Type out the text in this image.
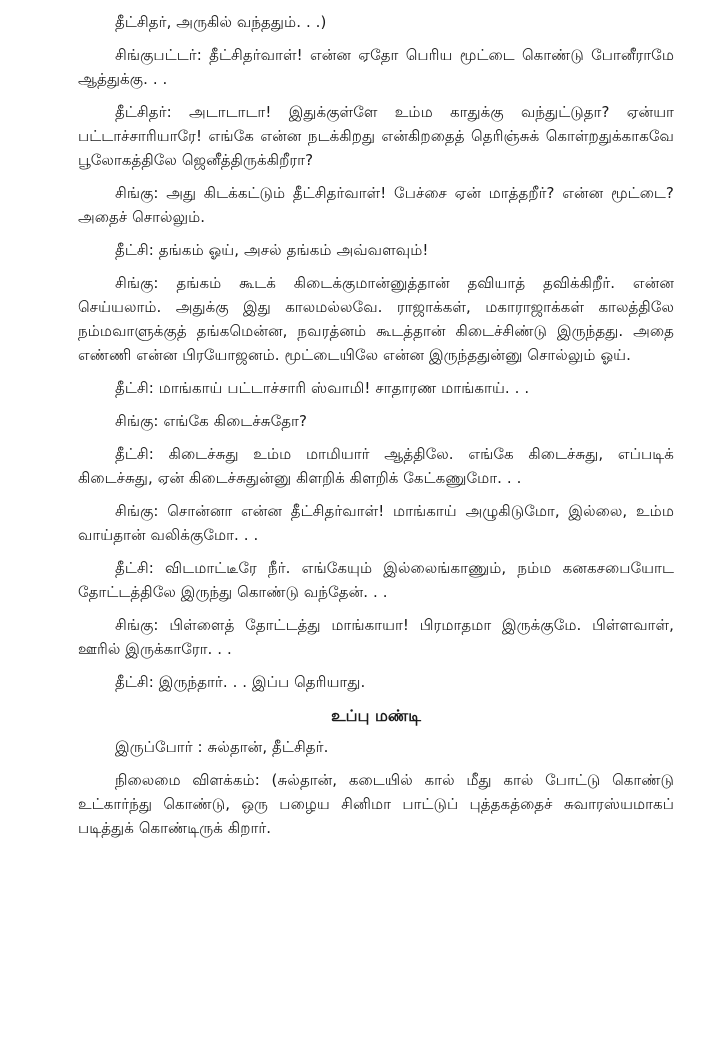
தீட்சிதர், அருகில் வந்ததும். . .)

சிங்குபட்டர்: தீட்சிதர்வாள்! என்ன ஏதோ பெரிய மூட்டை கொண்டு போனீராமே ஆத்துக்கு. . .

தீட்சிதர்: அடாடாடா! இதுக்குள்ளே உம்ம காதுக்கு வந்துட்டுதா? ஏன்யா பட்டாச்சாரியாரே! எங்கே என்ன நடக்கிறது என்கிறதைத் தெரிஞ்சுக் கொள்றதுக்காகவே பூலோகத்திலே ஜெனீத்திருக்கிறீரா?

சிங்கு: அது கிடக்கட்டும் தீட்சிதர்வாள்! பேச்சை ஏன் மாத்தறீர்? என்ன மூட்டை? அதைச் சொல்லும்.

தீட்சி: தங்கம் ஓய், அசல் தங்கம் அவ்வளவும்!

சிங்கு: தங்கம் கூடக் கிடைக்குமான்னுத்தான் தவியாத் தவிக்கிறீர். என்ன செய்யலாம். அதுக்கு இது காலமல்லவே. ராஜாக்கள், மகாராஜாக்கள் காலத்திலே நம்மவாளுக்குத் தங்கமென்ன, நவரத்னம் கூடத்தான் கிடைச்சிண்டு இருந்தது. அதை எண்ணி என்ன பிரயோஜனம். மூட்டையிலே என்ன இருந்ததுன்னு சொல்லும் ஓய்.

தீட்சி: மாங்காய் பட்டாச்சாரி ஸ்வாமி! சாதாரண மாங்காய். . .

சிங்கு: எங்கே கிடைச்சுதோ?

தீட்சி: கிடைச்சுது உம்ம மாமியார் ஆத்திலே. எங்கே கிடைச்சுது, எப்படிக் கிடைச்சுது, ஏன் கிடைச்சுதுன்னு கிளறிக் கிளறிக் கேட்கணுமோ. . .

சிங்கு: சொன்னா என்ன தீட்சிதர்வாள்! மாங்காய் அழுகிடுமோ, இல்லை, உம்ம வாய்தான் வலிக்குமோ. . .

தீட்சி: விடமாட்டீரே நீர். எங்கேயும் இல்லைங்காணும், நம்ம கனகசபையோட தோட்டத்திலே இருந்து கொண்டு வந்தேன். . .

சிங்கு: பிள்ளைத் தோட்டத்து மாங்காயா! பிரமாதமா இருக்குமே. பிள்ளவாள், ஊரில் இருக்காரோ. . .

தீட்சி: இருந்தார். . . இப்ப தெரியாது.

உப்பு மண்டி

இருப்போர் : சுல்தான், தீட்சிதர்.

நிலைமை விளக்கம்: (சுல்தான், கடையில் கால் மீது கால் போட்டு கொண்டு உட்கார்ந்து கொண்டு, ஒரு பழைய சினிமா பாட்டுப் புத்தகத்தைச் சுவாரஸ்யமாகப் படித்துக் கொண்டிருக் கிறார்.
